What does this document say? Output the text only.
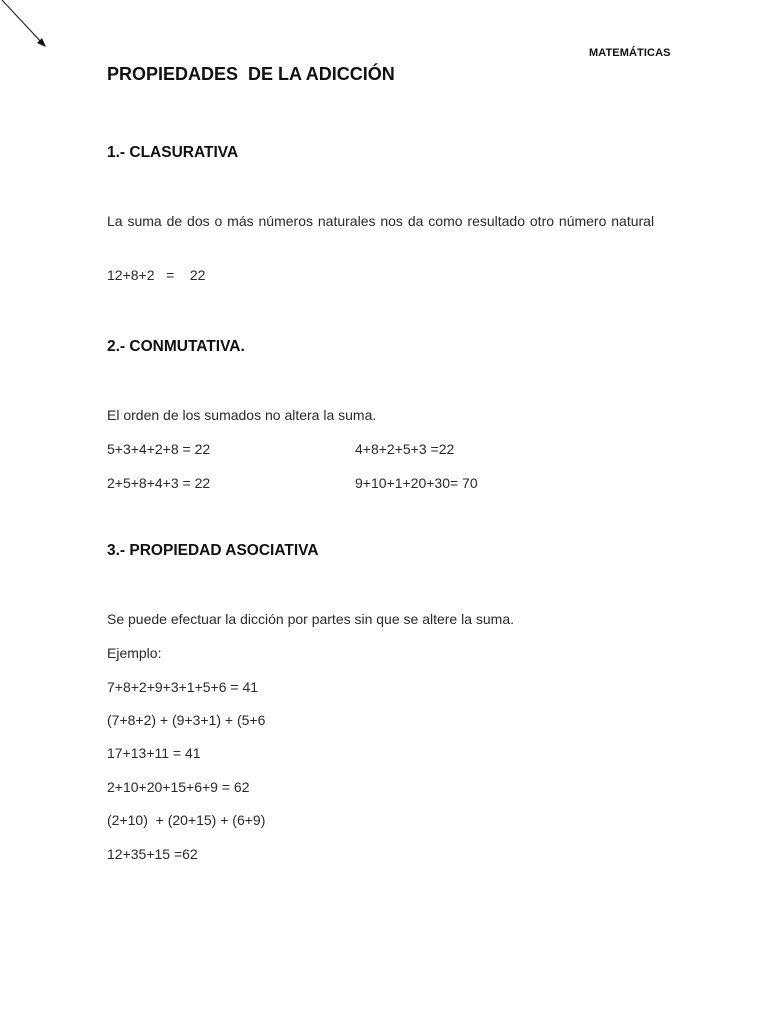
MATEMÁTICAS
PROPIEDADES  DE LA ADICCIÓN
1.- CLASURATIVA

La suma de dos o más números naturales nos da como resultado otro número natural

12+8+2   =    22

2.- CONMUTATIVA.

El orden de los sumados no altera la suma.

5+3+4+2+8 = 22	4+8+2+5+3 =22

2+5+8+4+3 = 22	9+10+1+20+30= 70

3.- PROPIEDAD ASOCIATIVA

Se puede efectuar la dicción por partes sin que se altere la suma.

Ejemplo:

7+8+2+9+3+1+5+6 = 41

(7+8+2) + (9+3+1) + (5+6

17+13+11 = 41

2+10+20+15+6+9 = 62

(2+10)  + (20+15) + (6+9)

12+35+15 =62
